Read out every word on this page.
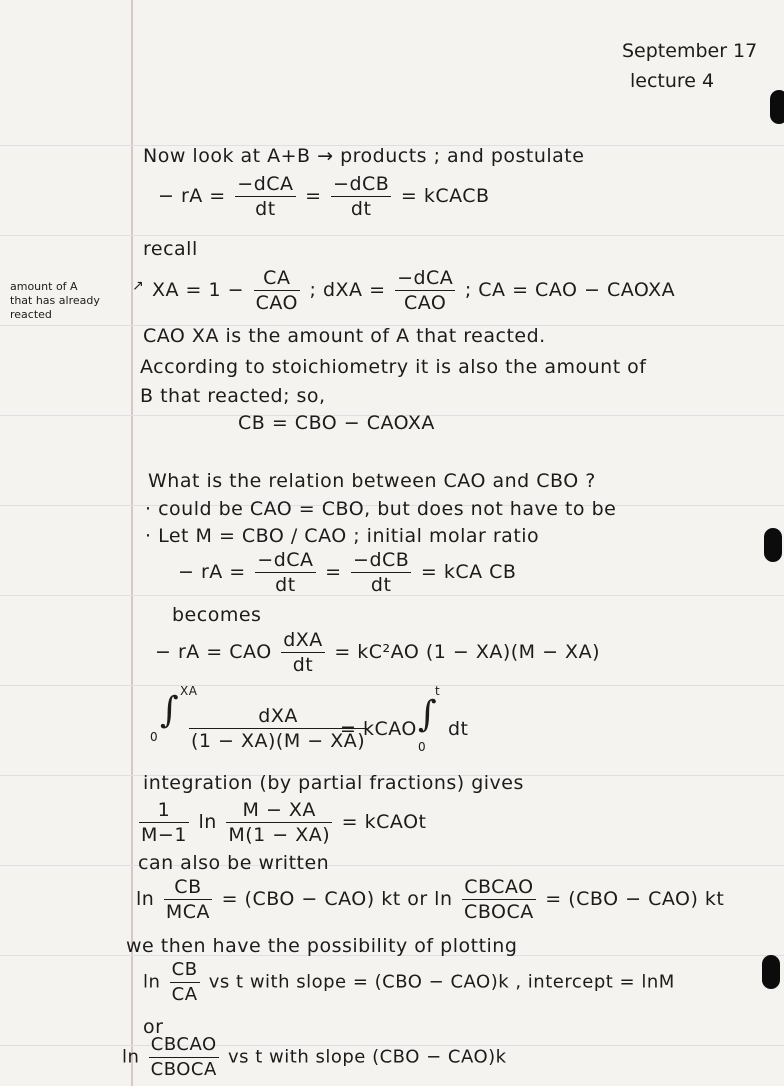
September 17
lecture 4
amount of A
that has already
reacted
↗
Now look at A+B → products ; and postulate
− rA = $\frac{\text{−dCA}}{dt} = \frac{\text{−dCB}}{dt}$ = kCACB
recall
XA = $1 - \frac{CA}{\text{CAO}}$ ; dXA = $\frac{\text{−dCA}}{\text{CAO}}$ ; CA = CAO − CAOXA
CAO XA is the amount of A that reacted.
According to stoichiometry it is also the amount of
B that reacted; so,
CB = CBO − CAOXA
What is the relation between CAO and CBO ?
· could be CAO = CBO, but does not have to be
· Let M = CBO / CAO ; initial molar ratio
− rA = $\frac{\text{−dCA}}{dt} = \frac{\text{−dCB}}{dt}$ = kCA CB
becomes
− rA = CAO $\frac{\text{dXA}}{dt} = kC^2AO$ (1 − XA)(M − XA)
XA
0
∫	dXA
(1 − XA)(M − XA)
= kCAO
t
0
∫ dt
integration (by partial fractions) gives
$\frac{1}{M-1}$ $\ln \frac{M - XA}{M(1 - XA)}$ = kCAOt
can also be written
$\ln \frac{CB}{\text{MCA}} = (CBO - CAO)$ kt or $\ln \frac{\text{CBCAO}}{\text{CBOCA}} = (CBO - CAO)$ kt
we then have the possibility of plotting
$\ln \frac{CB}{CA}$ vs t with slope = (CBO − CAO)k , intercept = lnM
or
$\ln \frac{\text{CBCAO}}{\text{CBOCA}}$ vs t with slope (CBO − CAO)k
